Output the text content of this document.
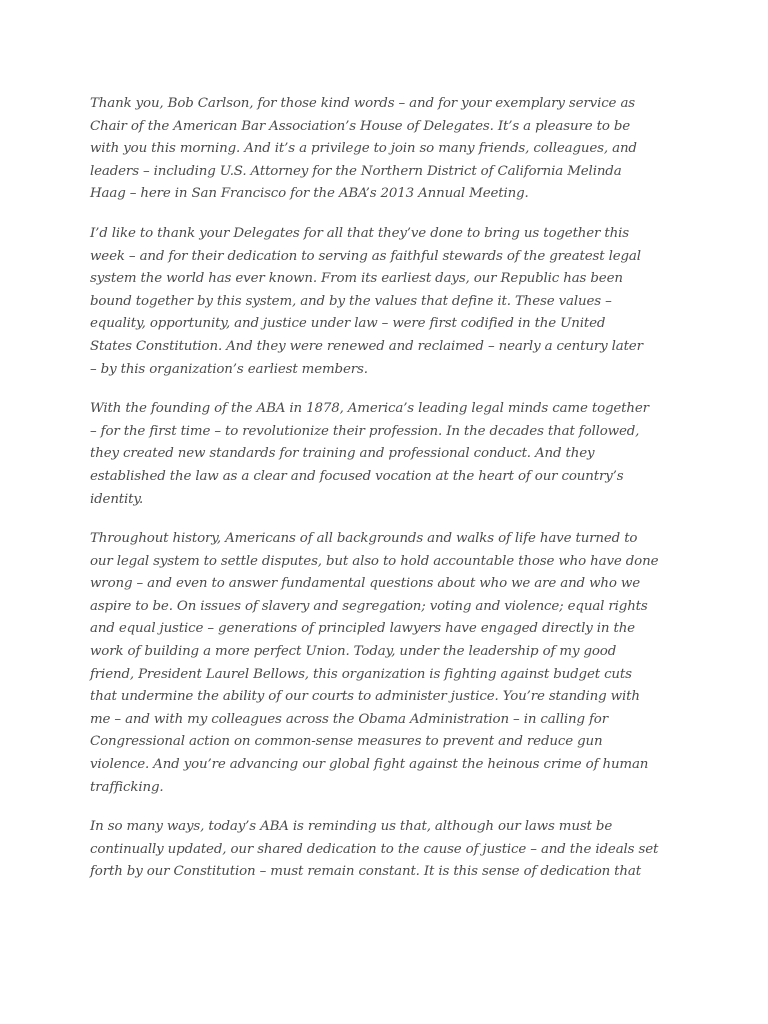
Thank you, Bob Carlson, for those kind words – and for your exemplary service as
Chair of the American Bar Association’s House of Delegates. It’s a pleasure to be
with you this morning. And it’s a privilege to join so many friends, colleagues, and
leaders – including U.S. Attorney for the Northern District of California Melinda
Haag – here in San Francisco for the ABA’s 2013 Annual Meeting.

I’d like to thank your Delegates for all that they’ve done to bring us together this
week – and for their dedication to serving as faithful stewards of the greatest legal
system the world has ever known. From its earliest days, our Republic has been
bound together by this system, and by the values that define it. These values –
equality, opportunity, and justice under law – were first codified in the United
States Constitution. And they were renewed and reclaimed – nearly a century later
– by this organization’s earliest members.

With the founding of the ABA in 1878, America’s leading legal minds came together
– for the first time – to revolutionize their profession. In the decades that followed,
they created new standards for training and professional conduct. And they
established the law as a clear and focused vocation at the heart of our country’s
identity.

Throughout history, Americans of all backgrounds and walks of life have turned to
our legal system to settle disputes, but also to hold accountable those who have done
wrong – and even to answer fundamental questions about who we are and who we
aspire to be. On issues of slavery and segregation; voting and violence; equal rights
and equal justice – generations of principled lawyers have engaged directly in the
work of building a more perfect Union. Today, under the leadership of my good
friend, President Laurel Bellows, this organization is fighting against budget cuts
that undermine the ability of our courts to administer justice. You’re standing with
me – and with my colleagues across the Obama Administration – in calling for
Congressional action on common-sense measures to prevent and reduce gun
violence. And you’re advancing our global fight against the heinous crime of human
trafficking.

In so many ways, today’s ABA is reminding us that, although our laws must be
continually updated, our shared dedication to the cause of justice – and the ideals set
forth by our Constitution – must remain constant. It is this sense of dedication that
